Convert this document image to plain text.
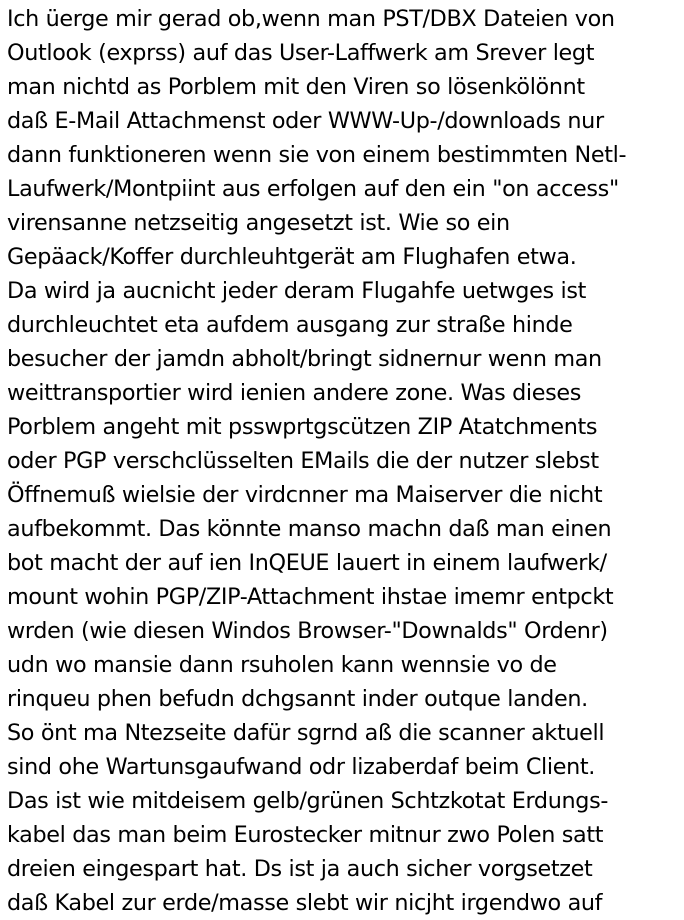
Ich üerge mir gerad ob,wenn man PST/DBX Dateien von
Outlook (exprss) auf das User-Laffwerk am Srever legt
man nichtd as Porblem mit den Viren so lösenkölönnt
daß E-Mail Attachmenst oder WWW-Up-/downloads nur
dann funktioneren wenn sie von einem bestimmten Netl-
Laufwerk/Montpiint aus erfolgen auf den ein "on access"
virensanne netzseitig angesetzt ist. Wie so ein
Gepäack/Koffer durchleuhtgerät am Flughafen etwa.
Da wird ja aucnicht jeder deram Flugahfe uetwges ist
durchleuchtet eta aufdem ausgang zur straße hinde
besucher der jamdn abholt/bringt sidnernur wenn man
weittransportier wird ienien andere zone. Was dieses
Porblem angeht mit psswprtgscützen ZIP Atatchments
oder PGP verschclüsselten EMails die der nutzer slebst
Öffnemuß wielsie der virdcnner ma Maiserver die nicht
aufbekommt. Das könnte manso machn daß man einen
bot macht der auf ien InQEUE lauert in einem laufwerk/
mount wohin PGP/ZIP-Attachment ihstae imemr entpckt
wrden (wie diesen Windos Browser-"Downalds" Ordenr)
udn wo mansie dann rsuholen kann wennsie vo de
rinqueu phen befudn dchgsannt inder outque landen.
So önt ma Ntezseite dafür sgrnd aß die scanner aktuell
sind ohe Wartunsgaufwand odr lizaberdaf beim Client.
Das ist wie mitdeisem gelb/grünen Schtzkotat Erdungs-
kabel das man beim Eurostecker mitnur zwo Polen satt
dreien eingespart hat. Ds ist ja auch sicher vorgsetzet
daß Kabel zur erde/masse slebt wir nicjht irgendwo auf
